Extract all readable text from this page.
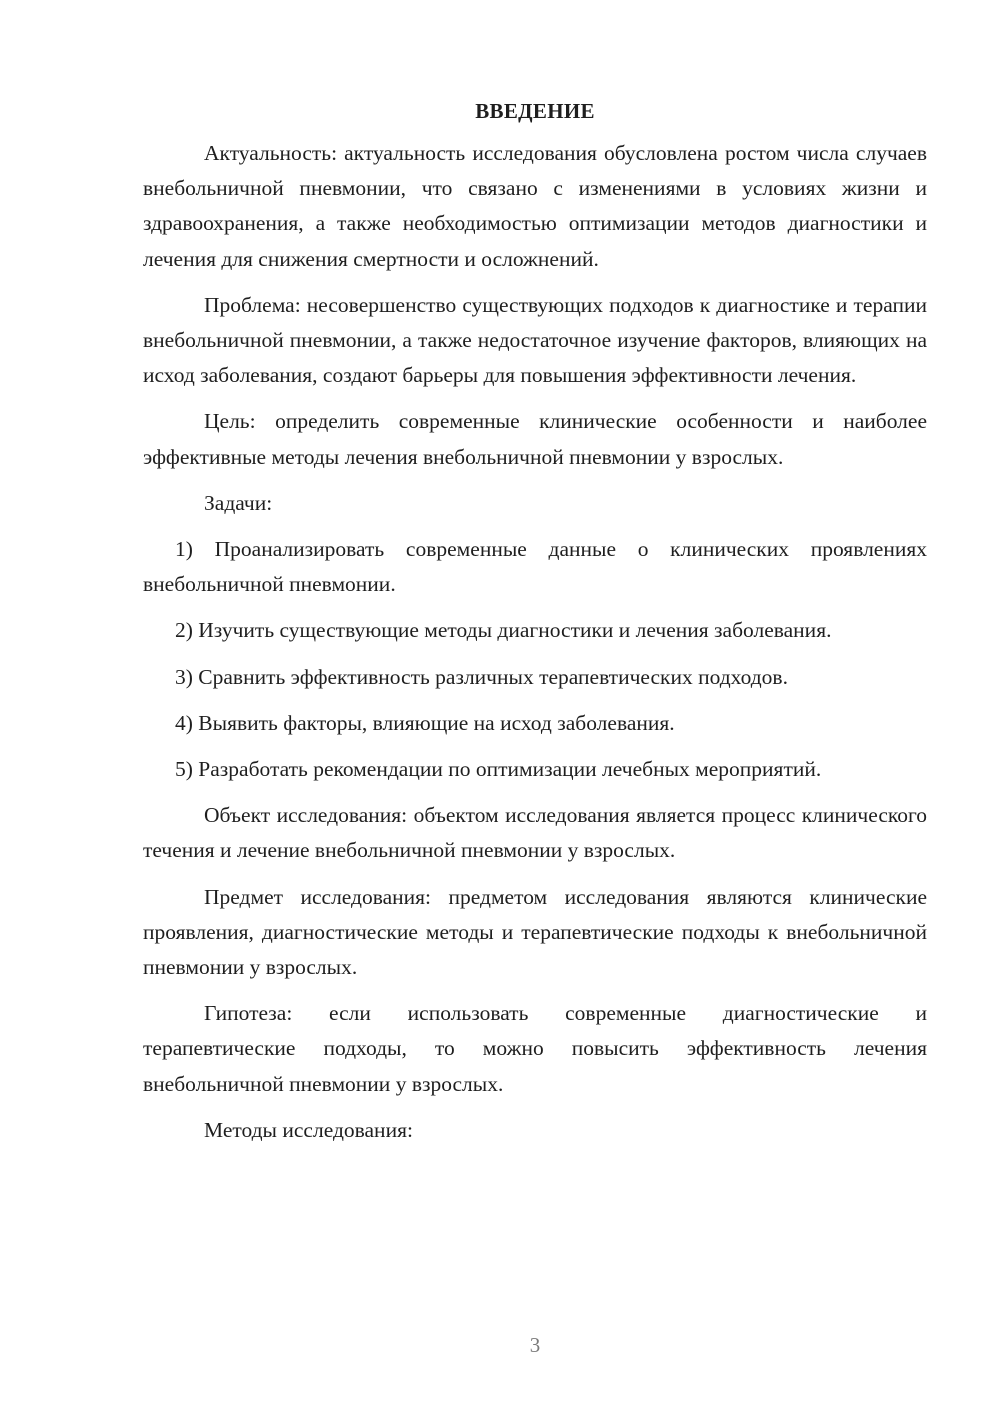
ВВЕДЕНИЕ

Актуальность: актуальность исследования обусловлена ростом числа случаев внебольничной пневмонии, что связано с изменениями в условиях жизни и здравоохранения, а также необходимостью оптимизации методов диагностики и лечения для снижения смертности и осложнений.

Проблема: несовершенство существующих подходов к диагностике и терапии внебольничной пневмонии, а также недостаточное изучение факторов, влияющих на исход заболевания, создают барьеры для повышения эффективности лечения.

Цель: определить современные клинические особенности и наиболее эффективные методы лечения внебольничной пневмонии у взрослых.

Задачи:

1) Проанализировать современные данные о клинических проявлениях внебольничной пневмонии.

2) Изучить существующие методы диагностики и лечения заболевания.

3) Сравнить эффективность различных терапевтических подходов.

4) Выявить факторы, влияющие на исход заболевания.

5) Разработать рекомендации по оптимизации лечебных мероприятий.

Объект исследования: объектом исследования является процесс клинического течения и лечение внебольничной пневмонии у взрослых.

Предмет исследования: предметом исследования являются клинические проявления, диагностические методы и терапевтические подходы к внебольничной пневмонии у взрослых.

Гипотеза: если использовать современные диагностические и терапевтические подходы, то можно повысить эффективность лечения внебольничной пневмонии у взрослых.

Методы исследования:

3
